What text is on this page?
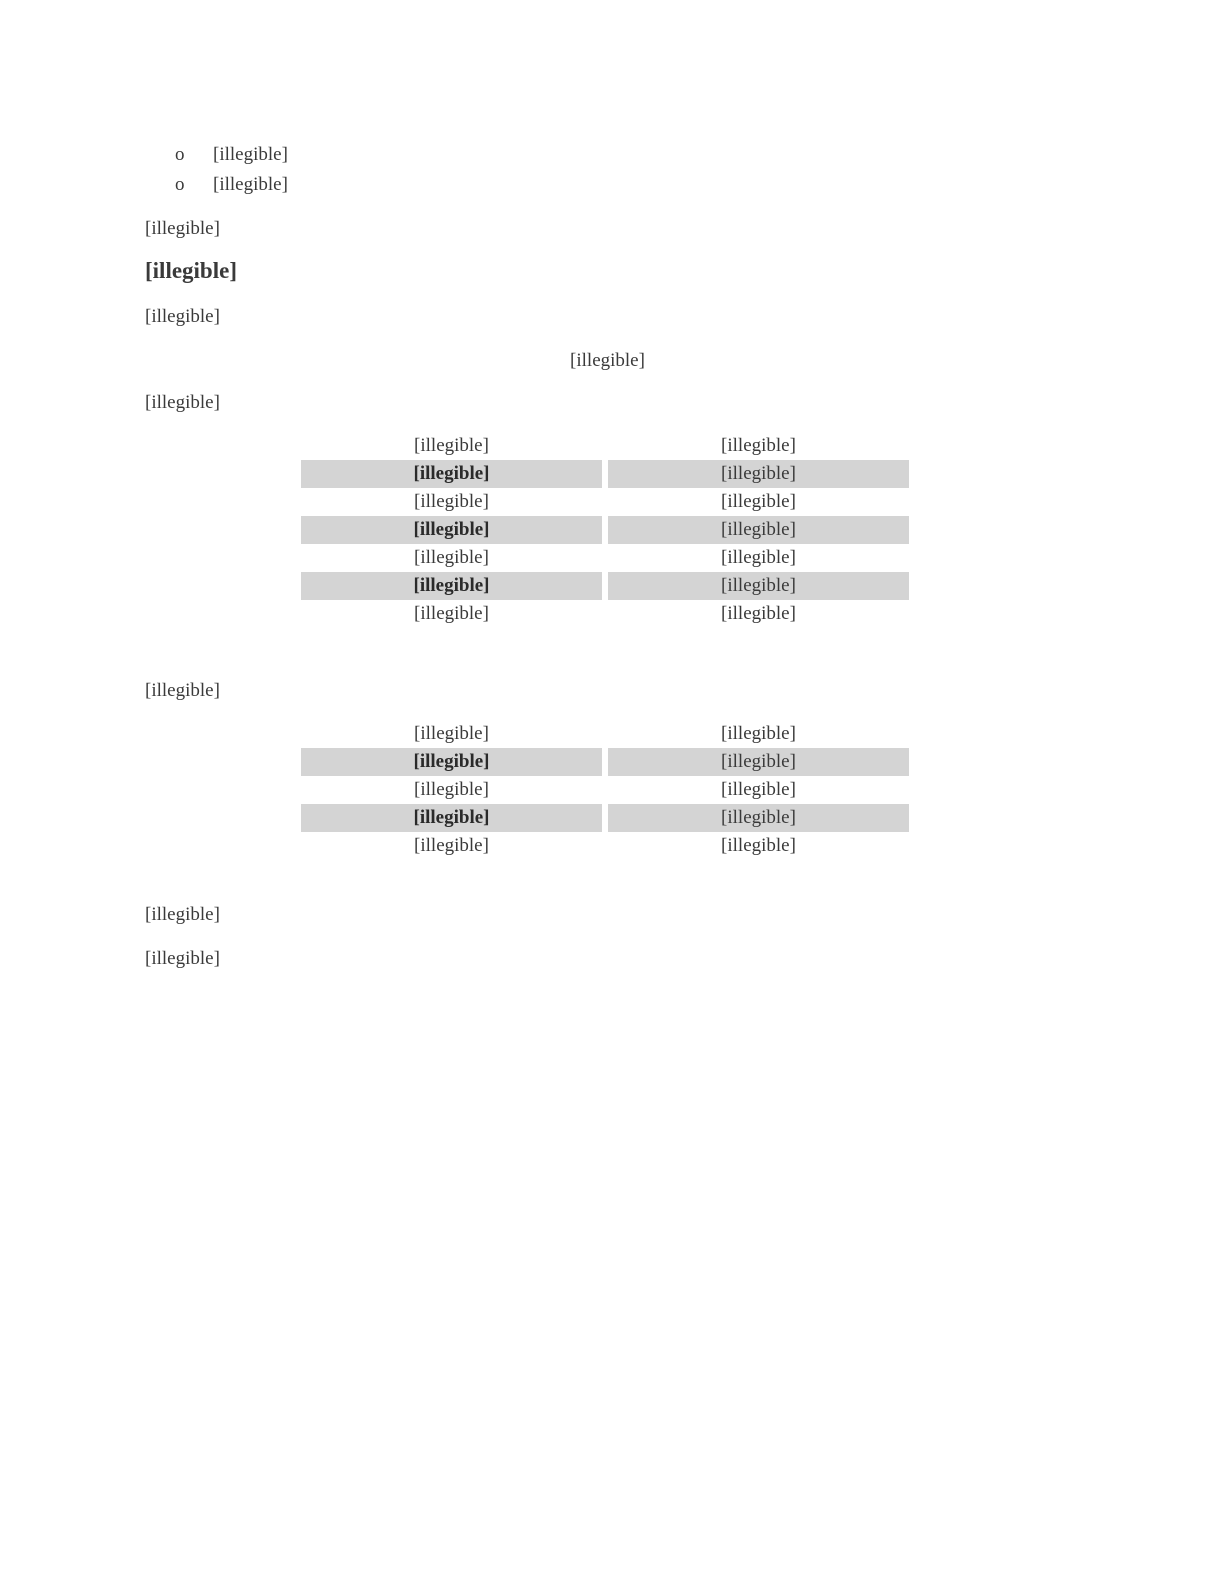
o [illegible]
o [illegible]

[illegible]

[illegible]

[illegible]

[illegible]

[illegible]

[illegible]	[illegible]
[illegible]	[illegible]
[illegible]	[illegible]
[illegible]	[illegible]
[illegible]	[illegible]
[illegible]	[illegible]
[illegible]	[illegible]

[illegible]

[illegible]	[illegible]
[illegible]	[illegible]
[illegible]	[illegible]
[illegible]	[illegible]
[illegible]	[illegible]

[illegible]

[illegible]
